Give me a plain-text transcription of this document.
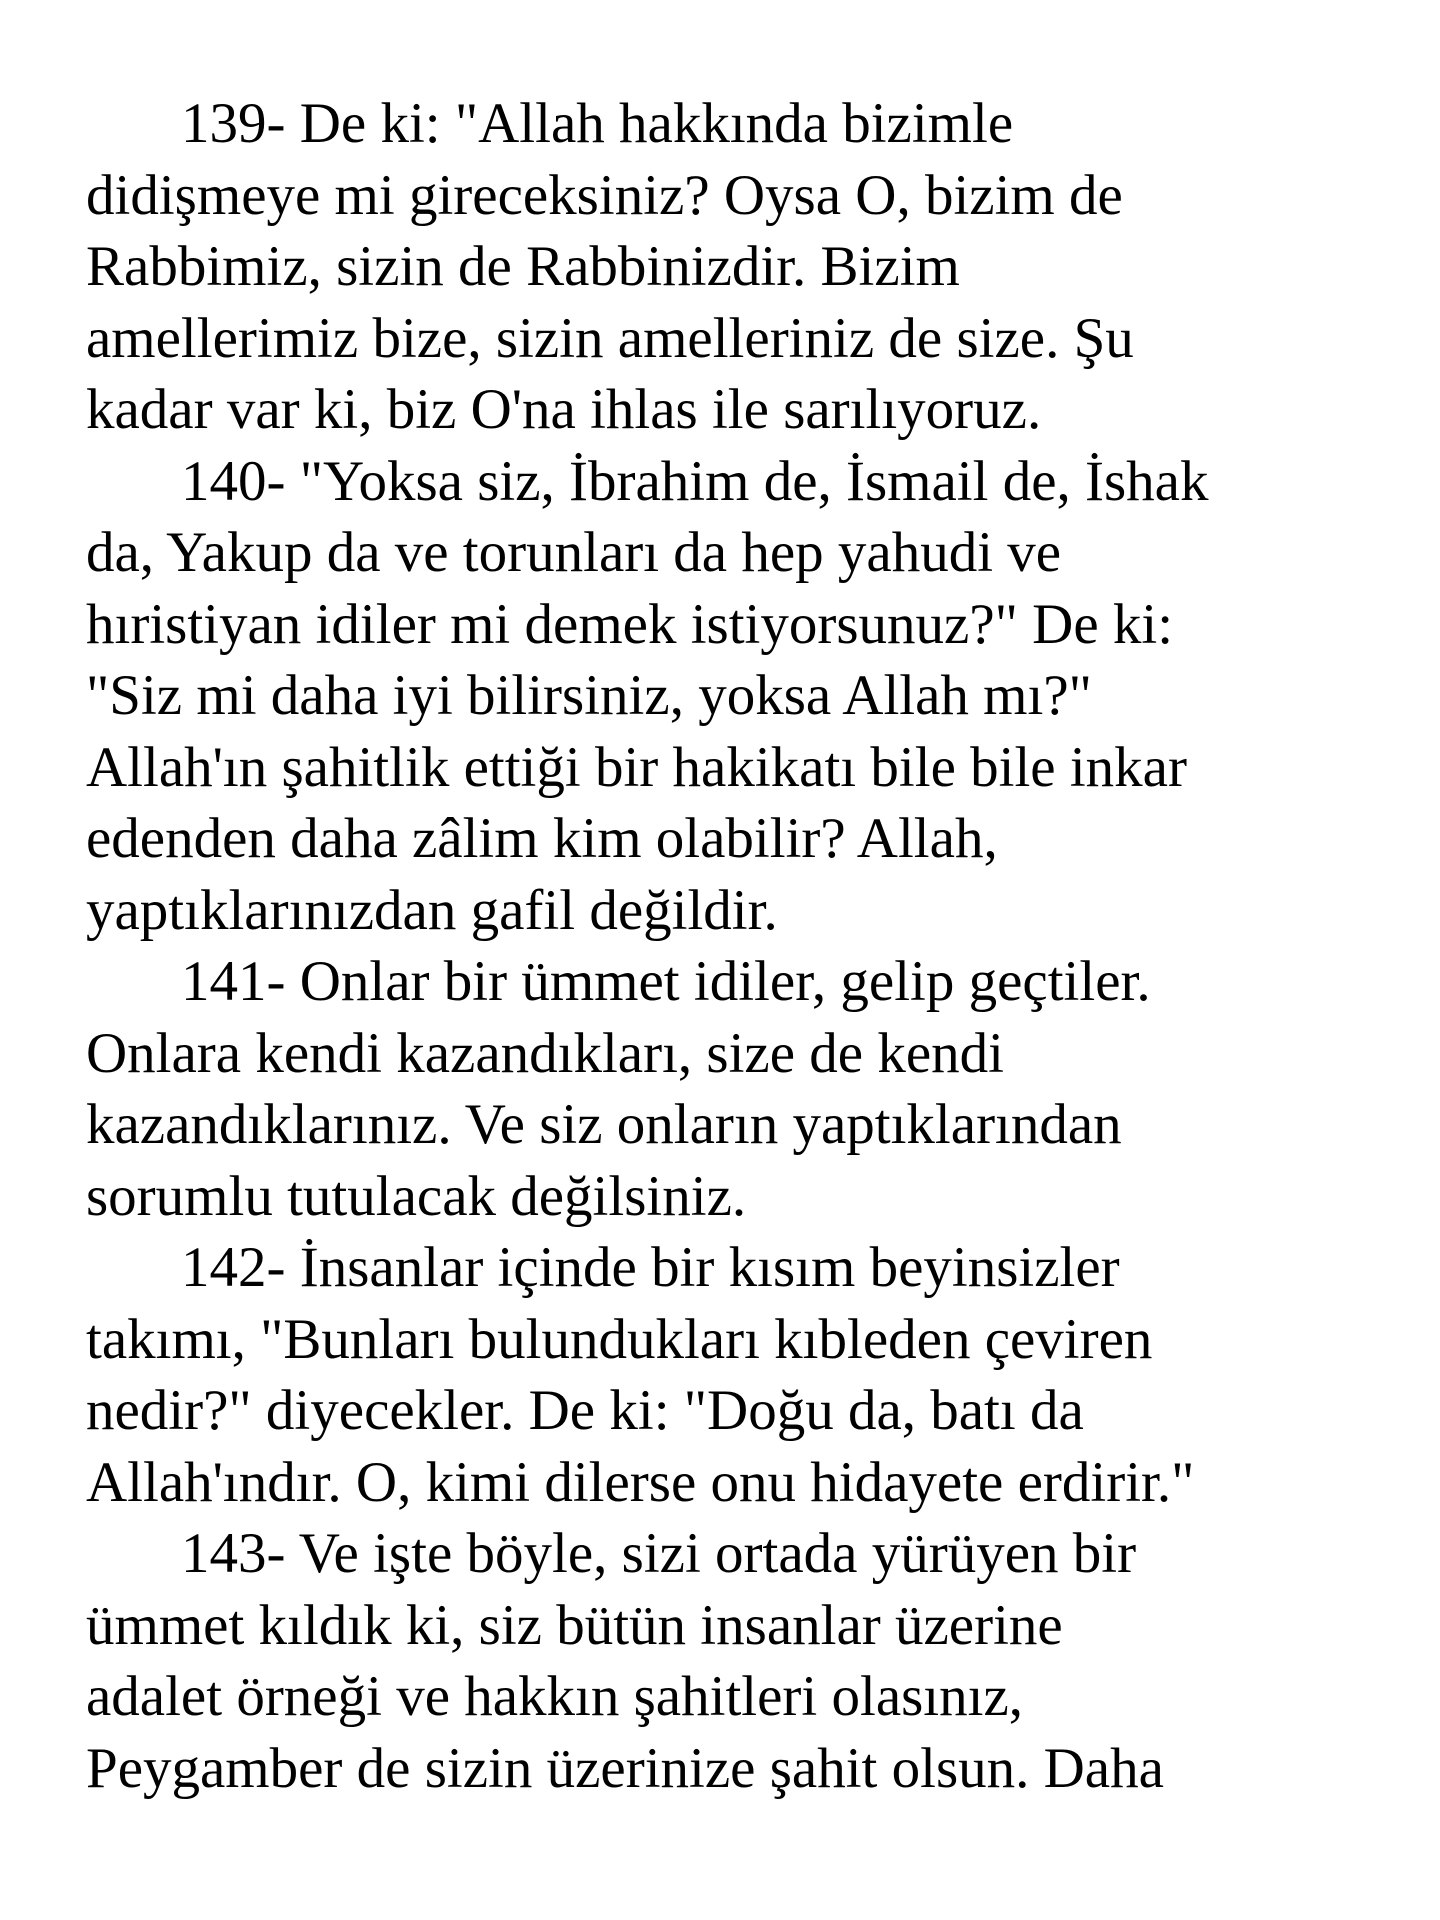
139- De ki: "Allah hakkında bizimle
didişmeye mi gireceksiniz? Oysa O, bizim de
Rabbimiz, sizin de Rabbinizdir. Bizim
amellerimiz bize, sizin amelleriniz de size. Şu
kadar var ki, biz O'na ihlas ile sarılıyoruz.
140- "Yoksa siz, İbrahim de, İsmail de, İshak
da, Yakup da ve torunları da hep yahudi ve
hıristiyan idiler mi demek istiyorsunuz?" De ki:
"Siz mi daha iyi bilirsiniz, yoksa Allah mı?"
Allah'ın şahitlik ettiği bir hakikatı bile bile inkar
edenden daha zâlim kim olabilir? Allah,
yaptıklarınızdan gafil değildir.
141- Onlar bir ümmet idiler, gelip geçtiler.
Onlara kendi kazandıkları, size de kendi
kazandıklarınız. Ve siz onların yaptıklarından
sorumlu tutulacak değilsiniz.
142- İnsanlar içinde bir kısım beyinsizler
takımı, "Bunları bulundukları kıbleden çeviren
nedir?" diyecekler. De ki: "Doğu da, batı da
Allah'ındır. O, kimi dilerse onu hidayete erdirir."
143- Ve işte böyle, sizi ortada yürüyen bir
ümmet kıldık ki, siz bütün insanlar üzerine
adalet örneği ve hakkın şahitleri olasınız,
Peygamber de sizin üzerinize şahit olsun. Daha
